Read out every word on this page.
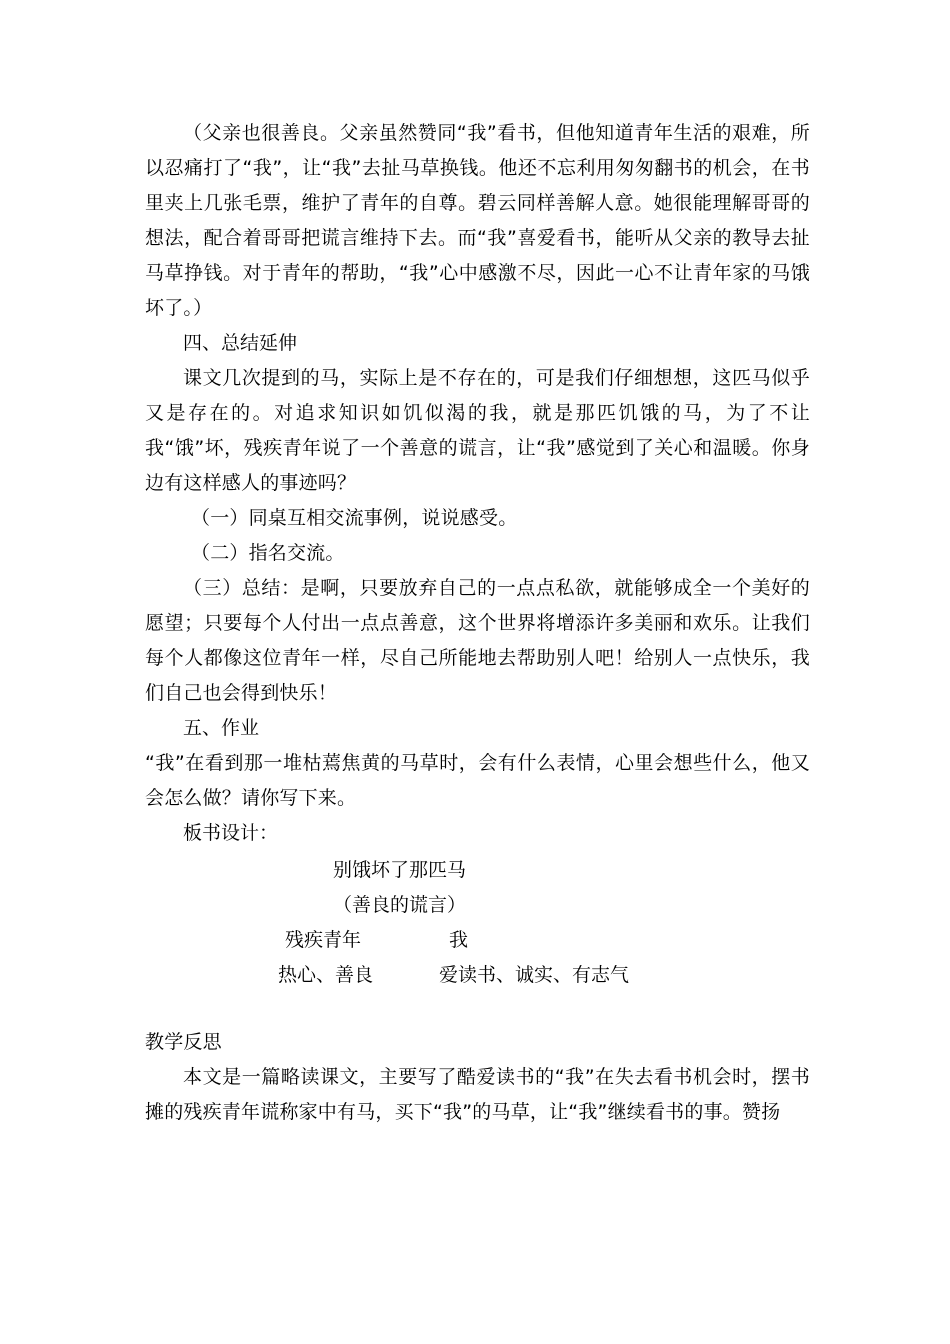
（父亲也很善良。父亲虽然赞同“我”看书，但他知道青年生活的艰难，所以忍痛打了“我”，让“我”去扯马草换钱。他还不忘利用匆匆翻书的机会，在书里夹上几张毛票，维护了青年的自尊。碧云同样善解人意。她很能理解哥哥的想法，配合着哥哥把谎言维持下去。而“我”喜爱看书，能听从父亲的教导去扯马草挣钱。对于青年的帮助，“我”心中感激不尽，因此一心不让青年家的马饿坏了。）

四、总结延伸

课文几次提到的马，实际上是不存在的，可是我们仔细想想，这匹马似乎又是存在的。对追求知识如饥似渴的我，就是那匹饥饿的马，为了不让我“饿”坏，残疾青年说了一个善意的谎言，让“我”感觉到了关心和温暖。你身边有这样感人的事迹吗？

（一）同桌互相交流事例，说说感受。

（二）指名交流。

（三）总结：是啊，只要放弃自己的一点点私欲，就能够成全一个美好的愿望；只要每个人付出一点点善意，这个世界将增添许多美丽和欢乐。让我们每个人都像这位青年一样，尽自己所能地去帮助别人吧！给别人一点快乐，我们自己也会得到快乐！

五、作业

“我”在看到那一堆枯蔫焦黄的马草时，会有什么表情，心里会想些什么，他又会怎么做？请你写下来。

板书设计：

别饿坏了那匹马
（善良的谎言）
残疾青年	我
热心、善良	爱读书、诚实、有志气

教学反思

本文是一篇略读课文，主要写了酷爱读书的“我”在失去看书机会时，摆书摊的残疾青年谎称家中有马，买下“我”的马草，让“我”继续看书的事。赞扬
